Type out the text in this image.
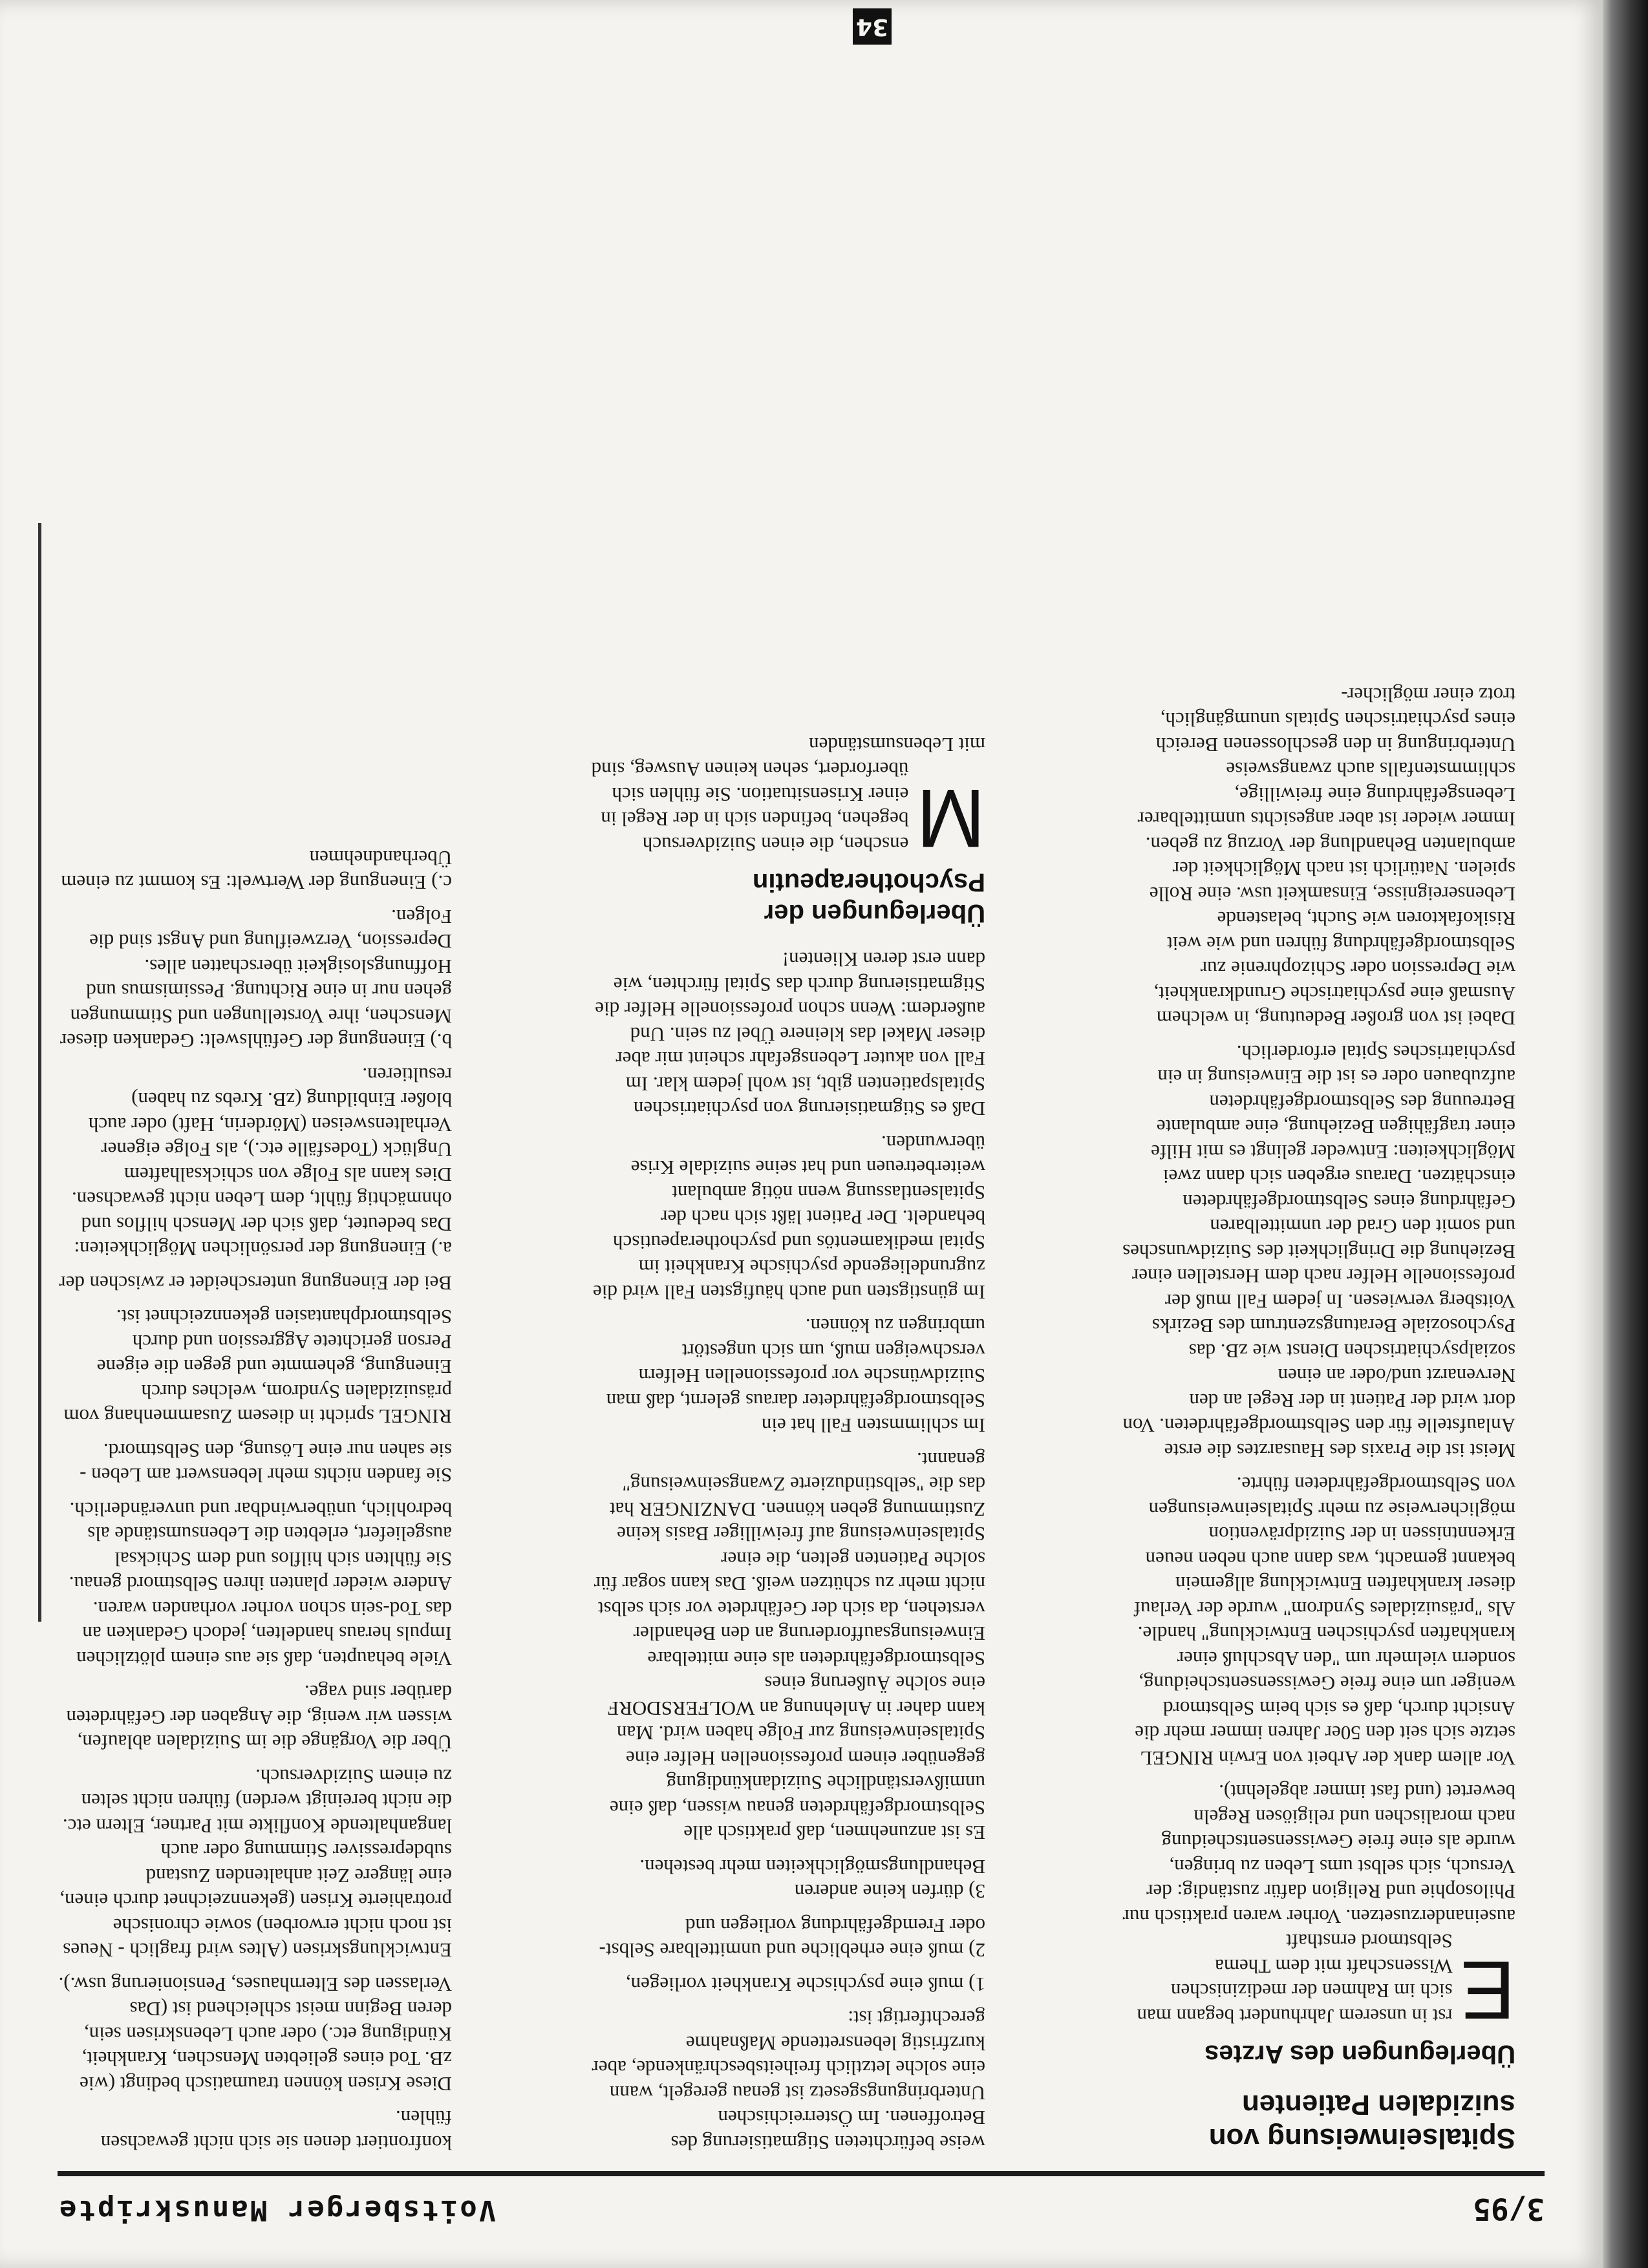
3/95
Voitsberger Manuskripte
Spitalseinweisung von suizidalen Patienten
Überlegungen des Arztes

E
rst in unserem Jahrhundert begann man sich im Rahmen der medizinischen Wissenschaft mit dem Thema Selbstmord ernsthaft auseinanderzusetzen. Vorher waren praktisch nur Philosophie und Religion dafür zuständig: der Versuch, sich selbst ums Leben zu bringen, wurde als eine freie Gewissensentscheidung nach moralischen und religiösen Regeln bewertet (und fast immer abgelehnt).

Vor allem dank der Arbeit von Erwin RINGEL setzte sich seit den 50er Jahren immer mehr die Ansicht durch, daß es sich beim Selbstmord weniger um eine freie Gewissensentscheidung, sondern vielmehr um "den Abschluß einer krankhaften psychischen Entwicklung" handle. Als "präsuizidales Syndrom" wurde der Verlauf dieser krankhaften Entwicklung allgemein bekannt gemacht, was dann auch neben neuen Erkenntnissen in der Suizidprävention möglicherweise zu mehr Spitalseinweisungen von Selbstmordgefährdeten führte.

Meist ist die Praxis des Hausarztes die erste Anlaufstelle für den Selbstmordgefährdeten. Von dort wird der Patient in der Regel an den Nervenarzt und/oder an einen sozialpsychiatrischen Dienst wie zB. das Psychosoziale Beratungszentrum des Bezirks Voitsberg verwiesen. In jedem Fall muß der professionelle Helfer nach dem Herstellen einer Beziehung die Dringlichkeit des Suizidwunsches und somit den Grad der unmittelbaren Gefährdung eines Selbstmordgefährdeten einschätzen. Daraus ergeben sich dann zwei Möglichkeiten: Entweder gelingt es mit Hilfe einer tragfähigen Beziehung, eine ambulante Betreuung des Selbstmordgefährdeten aufzubauen oder es ist die Einweisung in ein psychiatrisches Spital erforderlich.

Dabei ist von großer Bedeutung, in welchem Ausmaß eine psychiatrische Grundkrankheit, wie Depression oder Schizophrenie zur Selbstmordgefährdung führen und wie weit Risikofaktoren wie Sucht, belastende Lebensereignisse, Einsamkeit usw. eine Rolle spielen. Natürlich ist nach Möglichkeit der ambulanten Behandlung der Vorzug zu geben. Immer wieder ist aber angesichts unmittelbarer Lebensgefährdung eine freiwillige, schlimmstenfalls auch zwangsweise Unterbringung in den geschlossenen Bereich eines psychiatrischen Spitals unumgänglich, trotz einer möglicher-

weise befürchteten Stigmatisierung des Betroffenen. Im Österreichischen Unterbringungsgesetz ist genau geregelt, wann eine solche letztlich freiheitsbeschränkende, aber kurzfristig lebensrettende Maßnahme gerechtfertigt ist:

1) muß eine psychische Krankheit vorliegen,

2) muß eine erhebliche und unmittelbare Selbst- oder Fremdgefährdung vorliegen und

3) dürfen keine anderen Behandlungsmöglichkeiten mehr bestehen.

Es ist anzunehmen, daß praktisch alle Selbstmordgefährdeten genau wissen, daß eine unmißverständliche Suizidankündigung gegenüber einem professionellen Helfer eine Spitalseinweisung zur Folge haben wird. Man kann daher in Anlehnung an WOLFERSDORF eine solche Äußerung eines Selbstmordgefährdeten als eine mittelbare Einweisungsaufforderung an den Behandler verstehen, da sich der Gefährdete vor sich selbst nicht mehr zu schützen weiß. Das kann sogar für solche Patienten gelten, die einer Spitalseinweisung auf freiwilliger Basis keine Zustimmung geben können. DANZINGER hat das die "selbstinduzierte Zwangseinweisung" genannt.

Im schlimmsten Fall hat ein Selbstmordgefährdeter daraus gelernt, daß man Suizidwünsche vor professionellen Helfern verschweigen muß, um sich ungestört umbringen zu können.

Im günstigsten und auch häufigsten Fall wird die zugrundeliegende psychische Krankheit im Spital medikamentös und psychotherapeutisch behandelt. Der Patient läßt sich nach der Spitalsentlassung wenn nötig ambulant weiterbetreuen und hat seine suizidale Krise überwunden.

Daß es Stigmatisierung von psychiatrischen Spitalspatienten gibt, ist wohl jedem klar. Im Fall von akuter Lebensgefahr scheint mir aber dieser Makel das kleinere Übel zu sein. Und außerdem: Wenn schon professionelle Helfer die Stigmatisierung durch das Spital fürchten, wie dann erst deren Klienten!

Überlegungen der Psychotherapeutin

M
enschen, die einen Suizidversuch begehen, befinden sich in der Regel in einer Krisensituation. Sie fühlen sich überfordert, sehen keinen Ausweg, sind mit Lebensumständen

konfrontiert denen sie sich nicht gewachsen fühlen.

Diese Krisen können traumatisch bedingt (wie zB. Tod eines geliebten Menschen, Krankheit, Kündigung etc.) oder auch Lebenskrisen sein, deren Beginn meist schleichend ist (Das Verlassen des Elternhauses, Pensionierung usw.).

Entwicklungskrisen (Altes wird fraglich - Neues ist noch nicht erworben) sowie chronische protrahierte Krisen (gekennzeichnet durch einen, eine längere Zeit anhaltenden Zustand subdepressiver Stimmung oder auch langanhaltende Konflikte mit Partner, Eltern etc. die nicht bereinigt werden) führen nicht selten zu einem Suizidversuch.

Über die Vorgänge die im Suizidalen ablaufen, wissen wir wenig, die Angaben der Gefährdeten darüber sind vage.

Viele behaupten, daß sie aus einem plötzlichen Impuls heraus handelten, jedoch Gedanken an das Tod-sein schon vorher vorhanden waren. Andere wieder planten ihren Selbstmord genau. Sie fühlten sich hilflos und dem Schicksal ausgeliefert, erlebten die Lebensumstände als bedrohlich, unüberwindbar und unveränderlich.

Sie fanden nichts mehr lebenswert am Leben - sie sahen nur eine Lösung, den Selbstmord.

RINGEL spricht in diesem Zusammenhang vom präsuizidalen Syndrom, welches durch Einengung, gehemmte und gegen die eigene Person gerichtete Aggression und durch Selbstmordphantasien gekennzeichnet ist.

Bei der Einengung unterscheidet er zwischen der

a.) Einengung der persönlichen Möglichkeiten: Das bedeutet, daß sich der Mensch hilflos und ohnmächtig fühlt, dem Leben nicht gewachsen. Dies kann als Folge von schicksalhaftem Unglück (Todesfälle etc.), als Folge eigener Verhaltensweisen (Mörderin, Haft) oder auch bloßer Einbildung (zB. Krebs zu haben) resultieren.

b.) Einengung der Gefühlswelt: Gedanken dieser Menschen, ihre Vorstellungen und Stimmungen gehen nur in eine Richtung. Pessimismus und Hoffnungslosigkeit überschatten alles. Depression, Verzweiflung und Angst sind die Folgen.

c.) Einengung der Wertwelt: Es kommt zu einem Überhandnehmen

34
